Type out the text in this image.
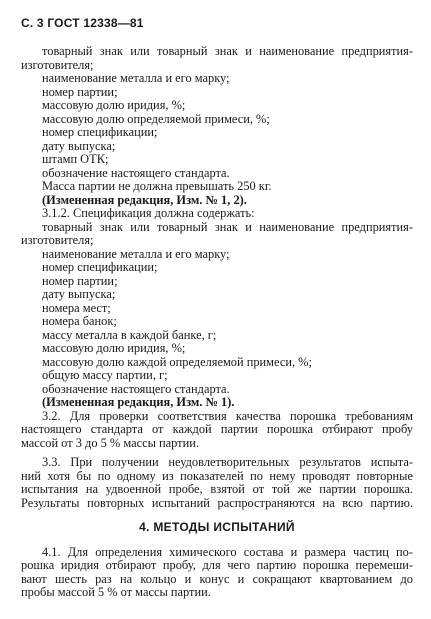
С. 3 ГОСТ 12338—81
товарный знак или товарный знак и наименование предприятия-
изготовителя;
наименование металла и его марку;
номер партии;
массовую долю иридия, %;
массовую долю определяемой примеси, %;
номер спецификации;
дату выпуска;
штамп ОТК;
обозначение настоящего стандарта.
Масса партии не должна превышать 250 кг.
(Измененная редакция, Изм. № 1, 2).
3.1.2. Спецификация должна содержать:
товарный знак или товарный знак и наименование предприятия-
изготовителя;
наименование металла и его марку;
номер спецификации;
номер партии;
дату выпуска;
номера мест;
номера банок;
массу металла в каждой банке, г;
массовую долю иридия, %;
массовую долю каждой определяемой примеси, %;
общую массу партии, г;
обозначение настоящего стандарта.
(Измененная редакция, Изм. № 1).
3.2. Для проверки соответствия качества порошка требованиям
настоящего стандарта от каждой партии порошка отбирают пробу
массой от 3 до 5 % массы партии.
3.3. При получении неудовлетворительных результатов испыта-
ний хотя бы по одному из показателей по нему проводят повторные
испытания на удвоенной пробе, взятой от той же партии порошка.
Результаты повторных испытаний распространяются на всю партию.
4. МЕТОДЫ ИСПЫТАНИЙ
4.1. Для определения химического состава и размера частиц по-
рошка иридия отбирают пробу, для чего партию порошка перемеши-
вают шесть раз на кольцо и конус и сокращают квартованием до
пробы массой 5 % от массы партии.
